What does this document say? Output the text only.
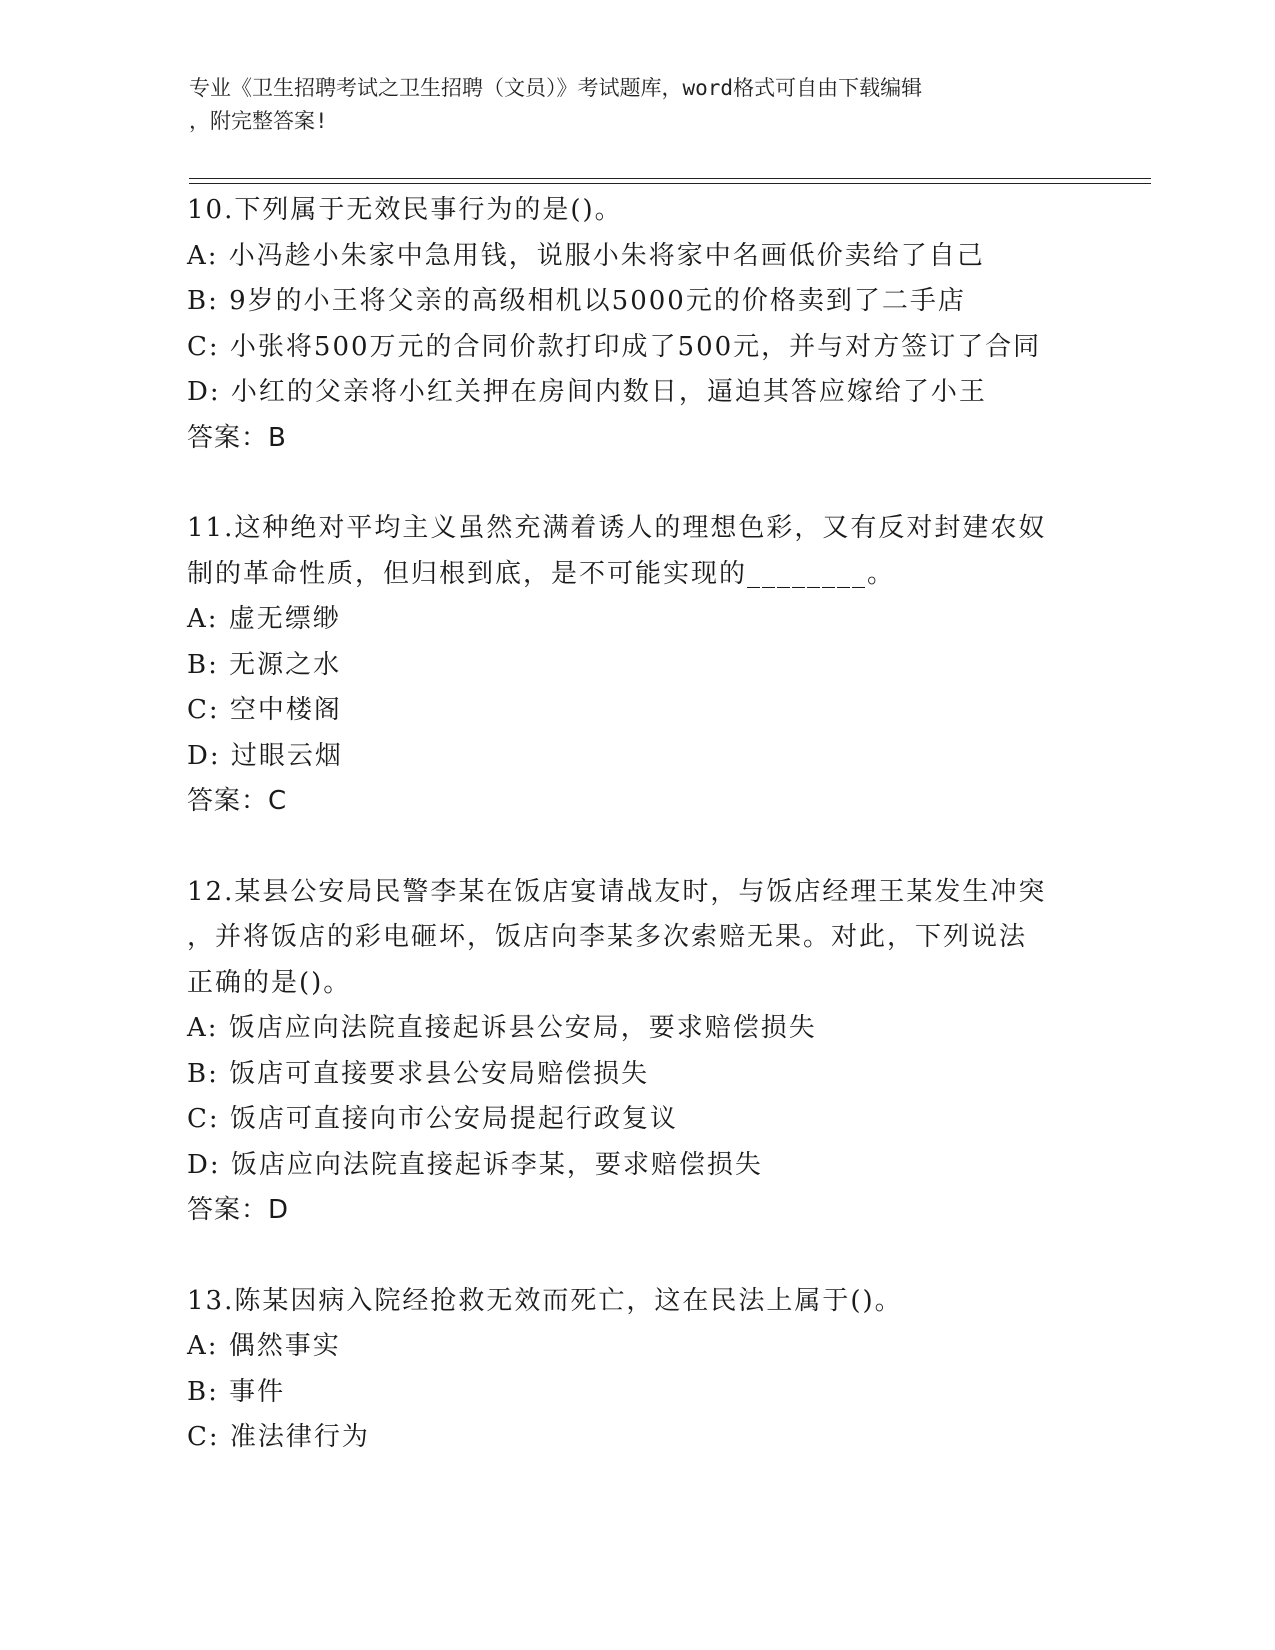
专业《卫生招聘考试之卫生招聘（文员）》考试题库，word格式可自由下载编辑
，附完整答案!
10.下列属于无效民事行为的是()。
A: 小冯趁小朱家中急用钱，说服小朱将家中名画低价卖给了自己
B: 9岁的小王将父亲的高级相机以5000元的价格卖到了二手店
C: 小张将500万元的合同价款打印成了500元，并与对方签订了合同
D: 小红的父亲将小红关押在房间内数日，逼迫其答应嫁给了小王
答案：B
11.这种绝对平均主义虽然充满着诱人的理想色彩，又有反对封建农奴
制的革命性质，但归根到底，是不可能实现的________。
A: 虚无缥缈
B: 无源之水
C: 空中楼阁
D: 过眼云烟
答案：C
12.某县公安局民警李某在饭店宴请战友时，与饭店经理王某发生冲突
，并将饭店的彩电砸坏，饭店向李某多次索赔无果。对此，下列说法
正确的是()。
A: 饭店应向法院直接起诉县公安局，要求赔偿损失
B: 饭店可直接要求县公安局赔偿损失
C: 饭店可直接向市公安局提起行政复议
D: 饭店应向法院直接起诉李某，要求赔偿损失
答案：D
13.陈某因病入院经抢救无效而死亡，这在民法上属于()。
A: 偶然事实
B: 事件
C: 准法律行为
